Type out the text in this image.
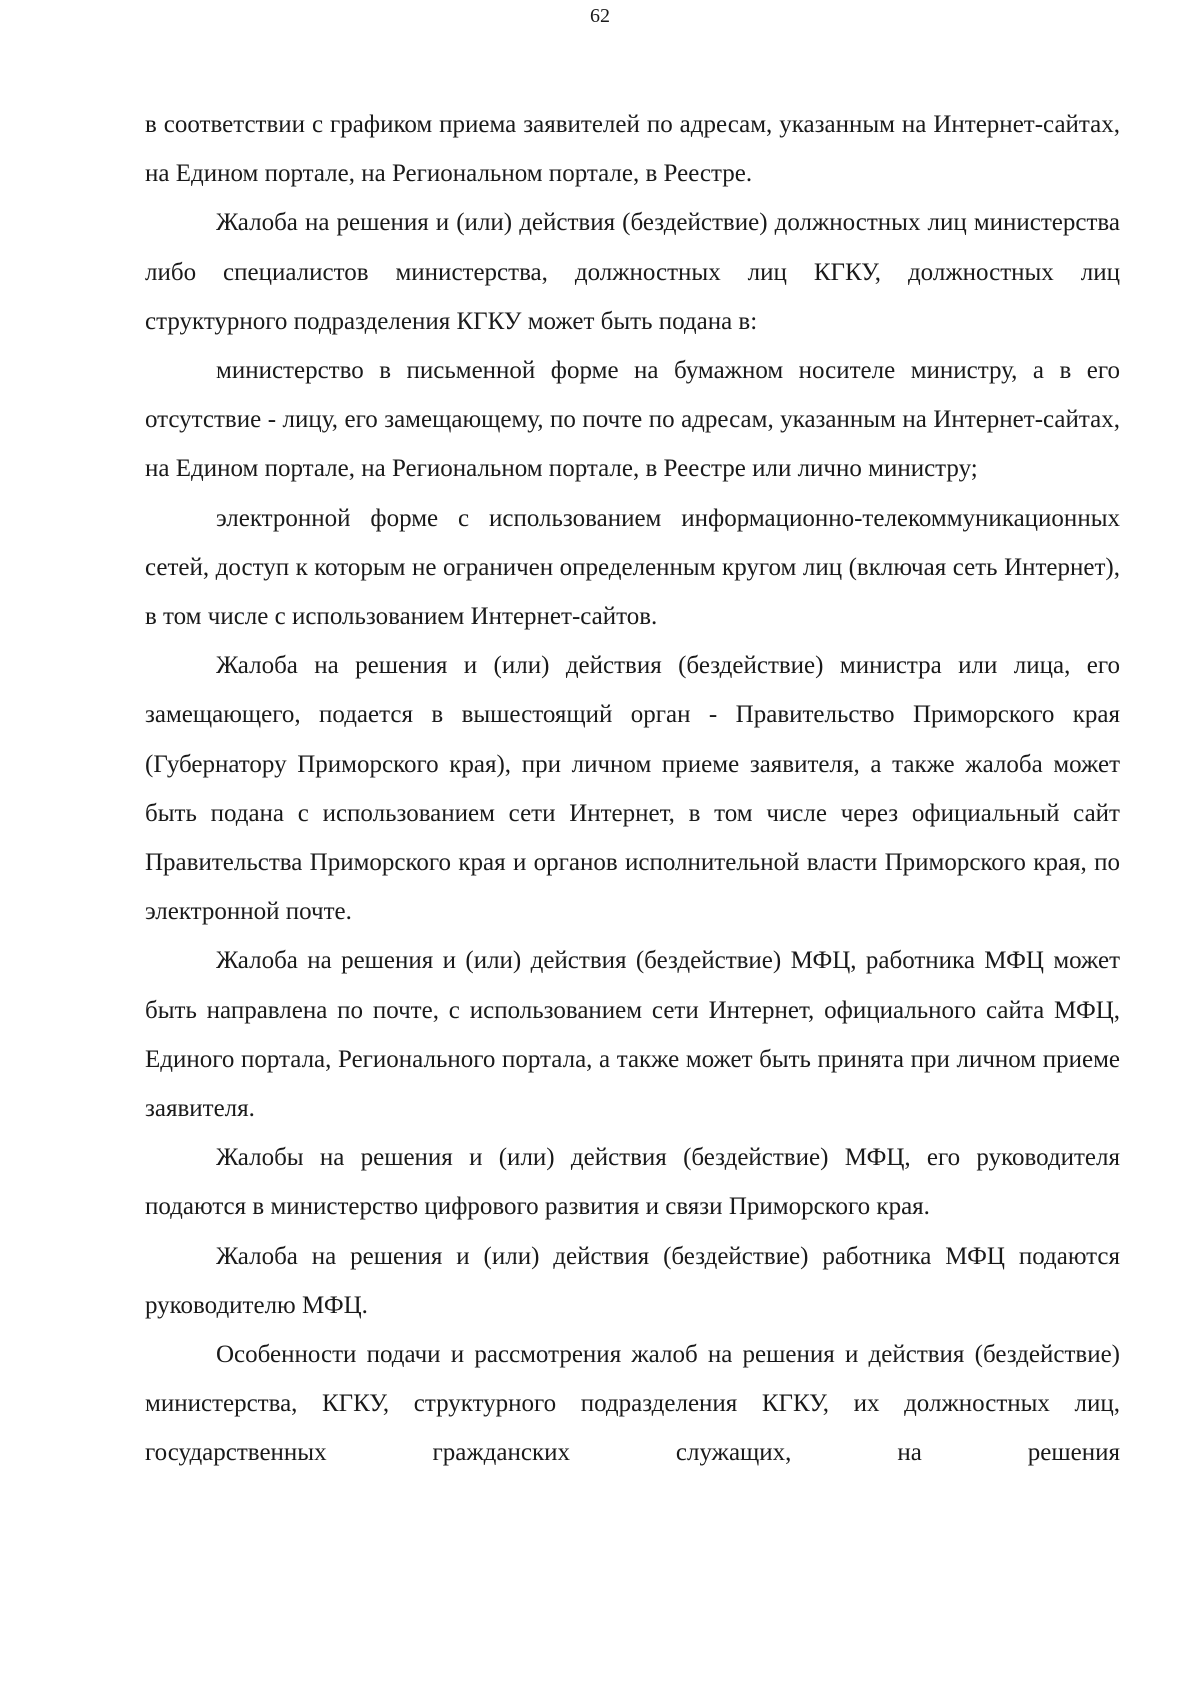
62

в соответствии с графиком приема заявителей по адресам, указанным на Интернет-сайтах, на Едином портале, на Региональном портале, в Реестре.

Жалоба на решения и (или) действия (бездействие) должностных лиц министерства либо специалистов министерства, должностных лиц КГКУ, должностных лиц структурного подразделения КГКУ может быть подана в:

министерство в письменной форме на бумажном носителе министру, а в его отсутствие - лицу, его замещающему, по почте по адресам, указанным на Интернет-сайтах, на Едином портале, на Региональном портале, в Реестре или лично министру;

электронной форме с использованием информационно-телекоммуникационных сетей, доступ к которым не ограничен определенным кругом лиц (включая сеть Интернет), в том числе с использованием Интернет-сайтов.

Жалоба на решения и (или) действия (бездействие) министра или лица, его замещающего, подается в вышестоящий орган - Правительство Приморского края (Губернатору Приморского края), при личном приеме заявителя, а также жалоба может быть подана с использованием сети Интернет, в том числе через официальный сайт Правительства Приморского края и органов исполнительной власти Приморского края, по электронной почте.

Жалоба на решения и (или) действия (бездействие) МФЦ, работника МФЦ может быть направлена по почте, с использованием сети Интернет, официального сайта МФЦ, Единого портала, Регионального портала, а также может быть принята при личном приеме заявителя.

Жалобы на решения и (или) действия (бездействие) МФЦ, его руководителя подаются в министерство цифрового развития и связи Приморского края.

Жалоба на решения и (или) действия (бездействие) работника МФЦ подаются руководителю МФЦ.

Особенности подачи и рассмотрения жалоб на решения и действия (бездействие) министерства, КГКУ, структурного подразделения КГКУ, их должностных лиц, государственных гражданских служащих, на решения
